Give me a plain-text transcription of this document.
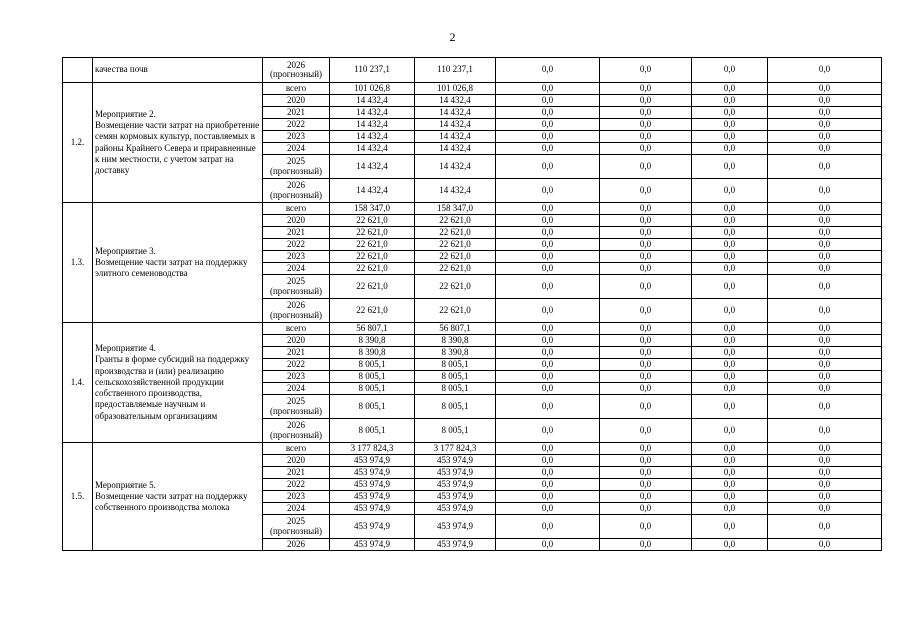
2
	качества почв	2026
(прогнозный)	110 237,1	110 237,1	0,0	0,0	0,0	0,0
1.2.	Мероприятие 2.
Возмещение части затрат на приобретение семян кормовых культур, поставляемых в районы Крайнего Севера и приравненные к ним местности, с учетом затрат на доставку	всего	101 026,8	101 026,8	0,0	0,0	0,0	0,0
		2020	14 432,4	14 432,4	0,0	0,0	0,0	0,0
		2021	14 432,4	14 432,4	0,0	0,0	0,0	0,0
		2022	14 432,4	14 432,4	0,0	0,0	0,0	0,0
		2023	14 432,4	14 432,4	0,0	0,0	0,0	0,0
		2024	14 432,4	14 432,4	0,0	0,0	0,0	0,0
		2025
(прогнозный)	14 432,4	14 432,4	0,0	0,0	0,0	0,0
		2026
(прогнозный)	14 432,4	14 432,4	0,0	0,0	0,0	0,0
1.3.	Мероприятие 3.
Возмещение части затрат на поддержку элитного семеноводства	всего	158 347,0	158 347,0	0,0	0,0	0,0	0,0
		2020	22 621,0	22 621,0	0,0	0,0	0,0	0,0
		2021	22 621,0	22 621,0	0,0	0,0	0,0	0,0
		2022	22 621,0	22 621,0	0,0	0,0	0,0	0,0
		2023	22 621,0	22 621,0	0,0	0,0	0,0	0,0
		2024	22 621,0	22 621,0	0,0	0,0	0,0	0,0
		2025
(прогнозный)	22 621,0	22 621,0	0,0	0,0	0,0	0,0
		2026
(прогнозный)	22 621,0	22 621,0	0,0	0,0	0,0	0,0
1.4.	Мероприятие 4.
Гранты в форме субсидий на поддержку производства и (или) реализацию сельскохозяйственной продукции собственного производства, предоставляемые научным и образовательным организациям	всего	56 807,1	56 807,1	0,0	0,0	0,0	0,0
		2020	8 390,8	8 390,8	0,0	0,0	0,0	0,0
		2021	8 390,8	8 390,8	0,0	0,0	0,0	0,0
		2022	8 005,1	8 005,1	0,0	0,0	0,0	0,0
		2023	8 005,1	8 005,1	0,0	0,0	0,0	0,0
		2024	8 005,1	8 005,1	0,0	0,0	0,0	0,0
		2025
(прогнозный)	8 005,1	8 005,1	0,0	0,0	0,0	0,0
		2026
(прогнозный)	8 005,1	8 005,1	0,0	0,0	0,0	0,0
1.5.	Мероприятие 5.
Возмещение части затрат на поддержку собственного производства молока	всего	3 177 824,3	3 177 824,3	0,0	0,0	0,0	0,0
		2020	453 974,9	453 974,9	0,0	0,0	0,0	0,0
		2021	453 974,9	453 974,9	0,0	0,0	0,0	0,0
		2022	453 974,9	453 974,9	0,0	0,0	0,0	0,0
		2023	453 974,9	453 974,9	0,0	0,0	0,0	0,0
		2024	453 974,9	453 974,9	0,0	0,0	0,0	0,0
		2025
(прогнозный)	453 974,9	453 974,9	0,0	0,0	0,0	0,0
		2026	453 974,9	453 974,9	0,0	0,0	0,0	0,0
